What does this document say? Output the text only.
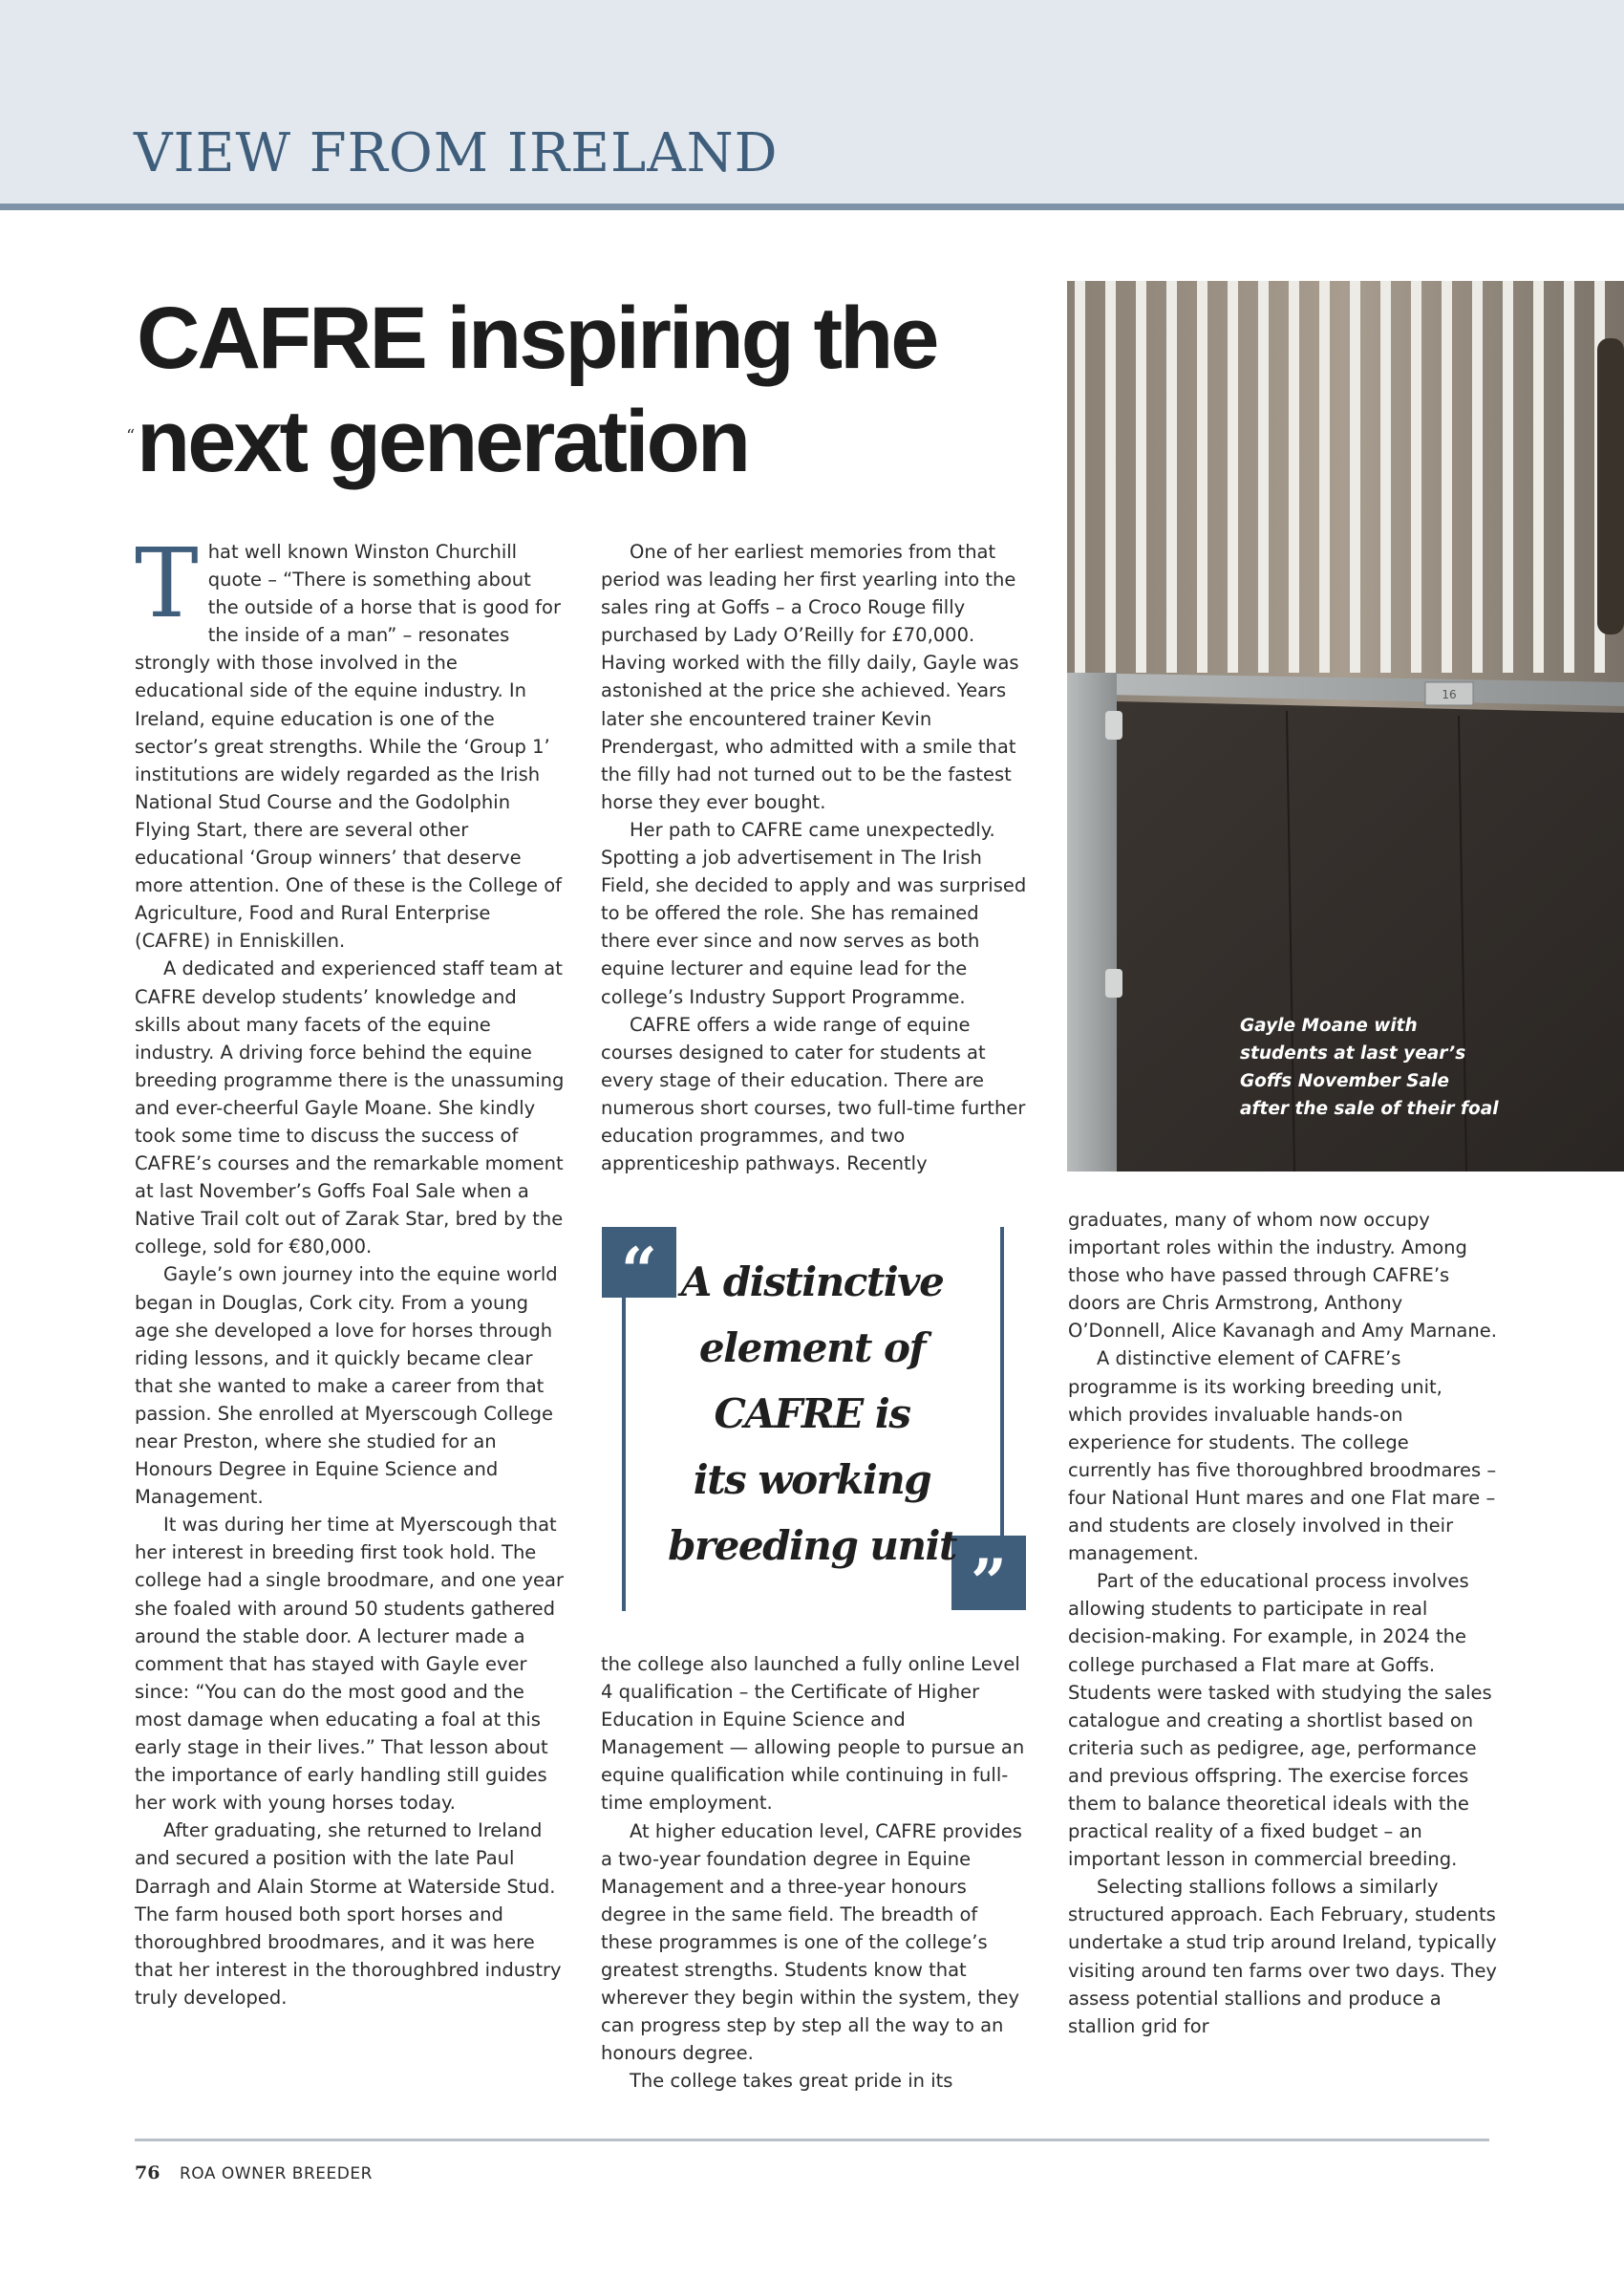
VIEW FROM IRELAND
“
CAFRE inspiring the
next generation

That well known Winston Churchill quote – “There is something about the outside of a horse that is good for the inside of a man” – resonates strongly with those involved in the educational side of the equine industry. In Ireland, equine education is one of the sector’s great strengths. While the ‘Group 1’ institutions are widely regarded as the Irish National Stud Course and the Godolphin Flying Start, there are several other educational ‘Group winners’ that deserve more attention. One of these is the College of Agriculture, Food and Rural Enterprise (CAFRE) in Enniskillen.

A dedicated and experienced staff team at CAFRE develop students’ knowledge and skills about many facets of the equine industry. A driving force behind the equine breeding programme there is the unassuming and ever-cheerful Gayle Moane. She kindly took some time to discuss the success of CAFRE’s courses and the remarkable moment at last November’s Goffs Foal Sale when a Native Trail colt out of Zarak Star, bred by the college, sold for €80,000.

Gayle’s own journey into the equine world began in Douglas, Cork city. From a young age she developed a love for horses through riding lessons, and it quickly became clear that she wanted to make a career from that passion. She enrolled at Myerscough College near Preston, where she studied for an Honours Degree in Equine Science and Management.

It was during her time at Myerscough that her interest in breeding first took hold. The college had a single broodmare, and one year she foaled with around 50 students gathered around the stable door. A lecturer made a comment that has stayed with Gayle ever since: “You can do the most good and the most damage when educating a foal at this early stage in their lives.” That lesson about the importance of early handling still guides her work with young horses today.

After graduating, she returned to Ireland and secured a position with the late Paul Darragh and Alain Storme at Waterside Stud. The farm housed both sport horses and thoroughbred broodmares, and it was here that her interest in the thoroughbred industry truly developed.

One of her earliest memories from that period was leading her first yearling into the sales ring at Goffs – a Croco Rouge filly purchased by Lady O’Reilly for £70,000. Having worked with the filly daily, Gayle was astonished at the price she achieved. Years later she encountered trainer Kevin Prendergast, who admitted with a smile that the filly had not turned out to be the fastest horse they ever bought.

Her path to CAFRE came unexpectedly. Spotting a job advertisement in The Irish Field, she decided to apply and was surprised to be offered the role. She has remained there ever since and now serves as both equine lecturer and equine lead for the college’s Industry Support Programme.

CAFRE offers a wide range of equine courses designed to cater for students at every stage of their education. There are numerous short courses, two full-time further education programmes, and two apprenticeship pathways. Recently

“
”
A distinctive
element of
CAFRE is
its working
breeding unit

the college also launched a fully online Level 4 qualification – the Certificate of Higher Education in Equine Science and Management — allowing people to pursue an equine qualification while continuing in full-time employment.

At higher education level, CAFRE provides a two-year foundation degree in Equine Management and a three-year honours degree in the same field. The breadth of these programmes is one of the college’s greatest strengths. Students know that wherever they begin within the system, they can progress step by step all the way to an honours degree.

The college takes great pride in its

16
Gayle Moane with
students at last year’s
Goffs November Sale
after the sale of their foal

graduates, many of whom now occupy important roles within the industry. Among those who have passed through CAFRE’s doors are Chris Armstrong, Anthony O’Donnell, Alice Kavanagh and Amy Marnane.

A distinctive element of CAFRE’s programme is its working breeding unit, which provides invaluable hands-on experience for students. The college currently has five thoroughbred broodmares – four National Hunt mares and one Flat mare – and students are closely involved in their management.

Part of the educational process involves allowing students to participate in real decision-making. For example, in 2024 the college purchased a Flat mare at Goffs. Students were tasked with studying the sales catalogue and creating a shortlist based on criteria such as pedigree, age, performance and previous offspring. The exercise forces them to balance theoretical ideals with the practical reality of a fixed budget – an important lesson in commercial breeding.

Selecting stallions follows a similarly structured approach. Each February, students undertake a stud trip around Ireland, typically visiting around ten farms over two days. They assess potential stallions and produce a stallion grid for

76 ROA OWNER BREEDER
